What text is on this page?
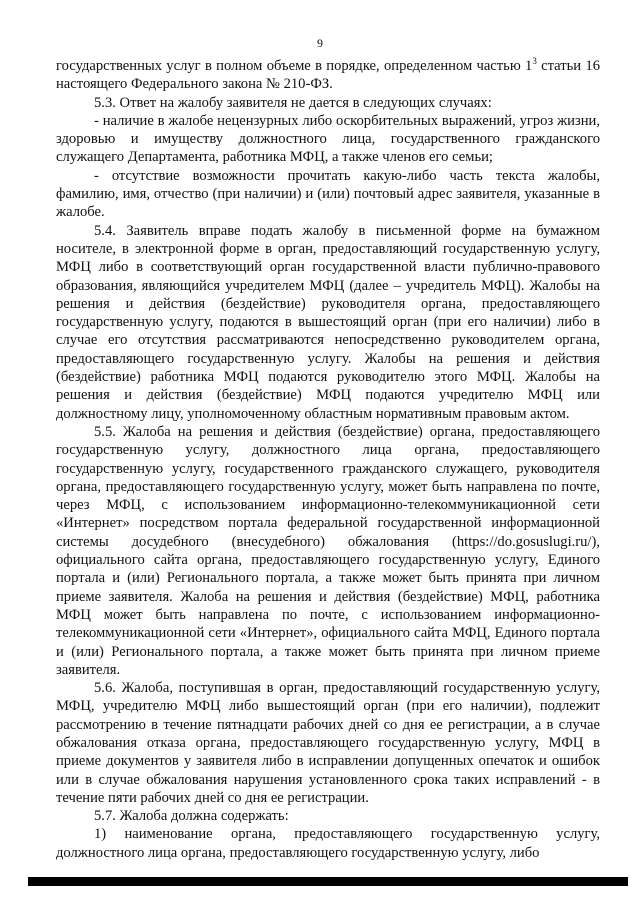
9

государственных услуг в полном объеме в порядке, определенном частью $1^3$ статьи 16 настоящего Федерального закона № 210-ФЗ.

5.3. Ответ на жалобу заявителя не дается в следующих случаях:

- наличие в жалобе нецензурных либо оскорбительных выражений, угроз жизни, здоровью и имуществу должностного лица, государственного гражданского служащего Департамента, работника МФЦ, а также членов его семьи;

- отсутствие возможности прочитать какую-либо часть текста жалобы, фамилию, имя, отчество (при наличии) и (или) почтовый адрес заявителя, указанные в жалобе.

5.4. Заявитель вправе подать жалобу в письменной форме на бумажном носителе, в электронной форме в орган, предоставляющий государственную услугу, МФЦ либо в соответствующий орган государственной власти публично-правового образования, являющийся учредителем МФЦ (далее – учредитель МФЦ). Жалобы на решения и действия (бездействие) руководителя органа, предоставляющего государственную услугу, подаются в вышестоящий орган (при его наличии) либо в случае его отсутствия рассматриваются непосредственно руководителем органа, предоставляющего государственную услугу. Жалобы на решения и действия (бездействие) работника МФЦ подаются руководителю этого МФЦ. Жалобы на решения и действия (бездействие) МФЦ подаются учредителю МФЦ или должностному лицу, уполномоченному областным нормативным правовым актом.

5.5. Жалоба на решения и действия (бездействие) органа, предоставляющего государственную услугу, должностного лица органа, предоставляющего государственную услугу, государственного гражданского служащего, руководителя органа, предоставляющего государственную услугу, может быть направлена по почте, через МФЦ, с использованием информационно-телекоммуникационной сети «Интернет» посредством портала федеральной государственной информационной системы досудебного (внесудебного) обжалования (https://do.gosuslugi.ru/), официального сайта органа, предоставляющего государственную услугу, Единого портала и (или) Регионального портала, а также может быть принята при личном приеме заявителя. Жалоба на решения и действия (бездействие) МФЦ, работника МФЦ может быть направлена по почте, с использованием информационно-телекоммуникационной сети «Интернет», официального сайта МФЦ, Единого портала и (или) Регионального портала, а также может быть принята при личном приеме заявителя.

5.6. Жалоба, поступившая в орган, предоставляющий государственную услугу, МФЦ, учредителю МФЦ либо вышестоящий орган (при его наличии), подлежит рассмотрению в течение пятнадцати рабочих дней со дня ее регистрации, а в случае обжалования отказа органа, предоставляющего государственную услугу, МФЦ в приеме документов у заявителя либо в исправлении допущенных опечаток и ошибок или в случае обжалования нарушения установленного срока таких исправлений - в течение пяти рабочих дней со дня ее регистрации.

5.7. Жалоба должна содержать:

1) наименование органа, предоставляющего государственную услугу, должностного лица органа, предоставляющего государственную услугу, либо
